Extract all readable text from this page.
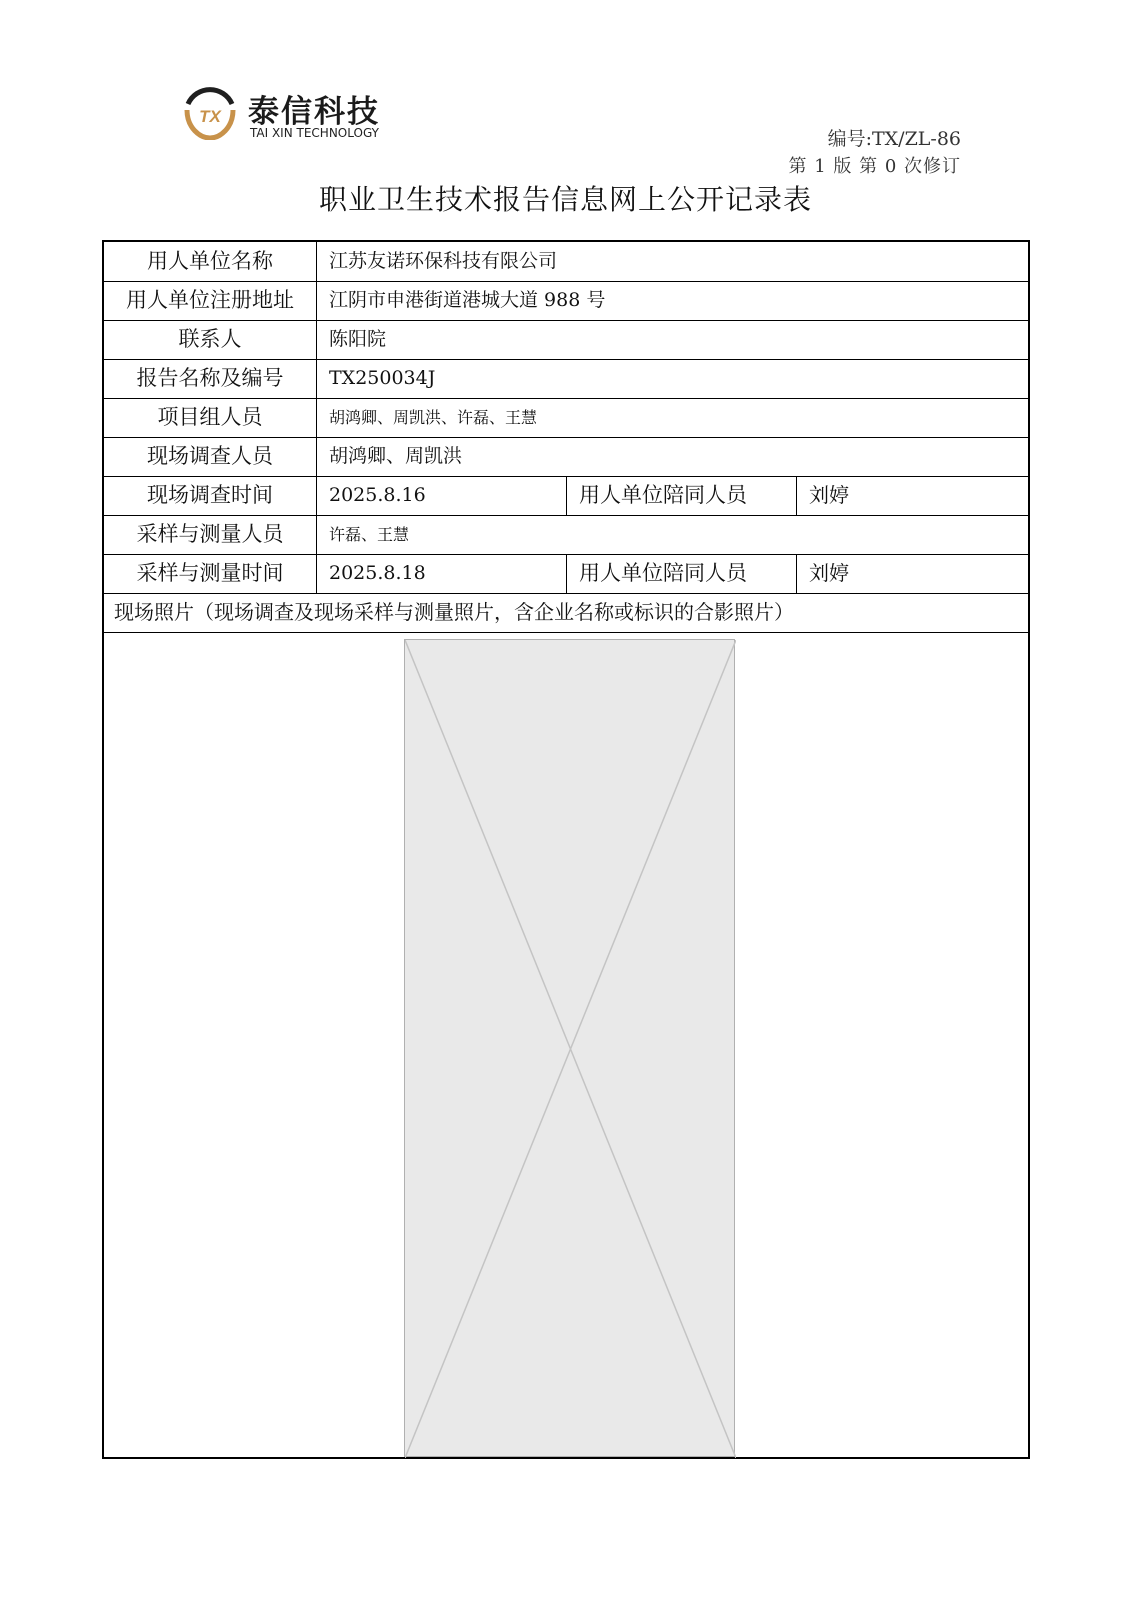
TX 泰信科技
TAI XIN TECHNOLOGY	编号:TX/ZL-86
第 1 版 第 0 次修订
职业卫生技术报告信息网上公开记录表
用人单位名称	江苏友诺环保科技有限公司
用人单位注册地址	江阴市申港街道港城大道 988 号
联系人	陈阳院
报告名称及编号	TX250034J
项目组人员	胡鸿卿、周凯洪、许磊、王慧
现场调查人员	胡鸿卿、周凯洪
现场调查时间	2025.8.16	用人单位陪同人员	刘婷
采样与测量人员	许磊、王慧
采样与测量时间	2025.8.18	用人单位陪同人员	刘婷
现场照片（现场调查及现场采样与测量照片，含企业名称或标识的合影照片）
